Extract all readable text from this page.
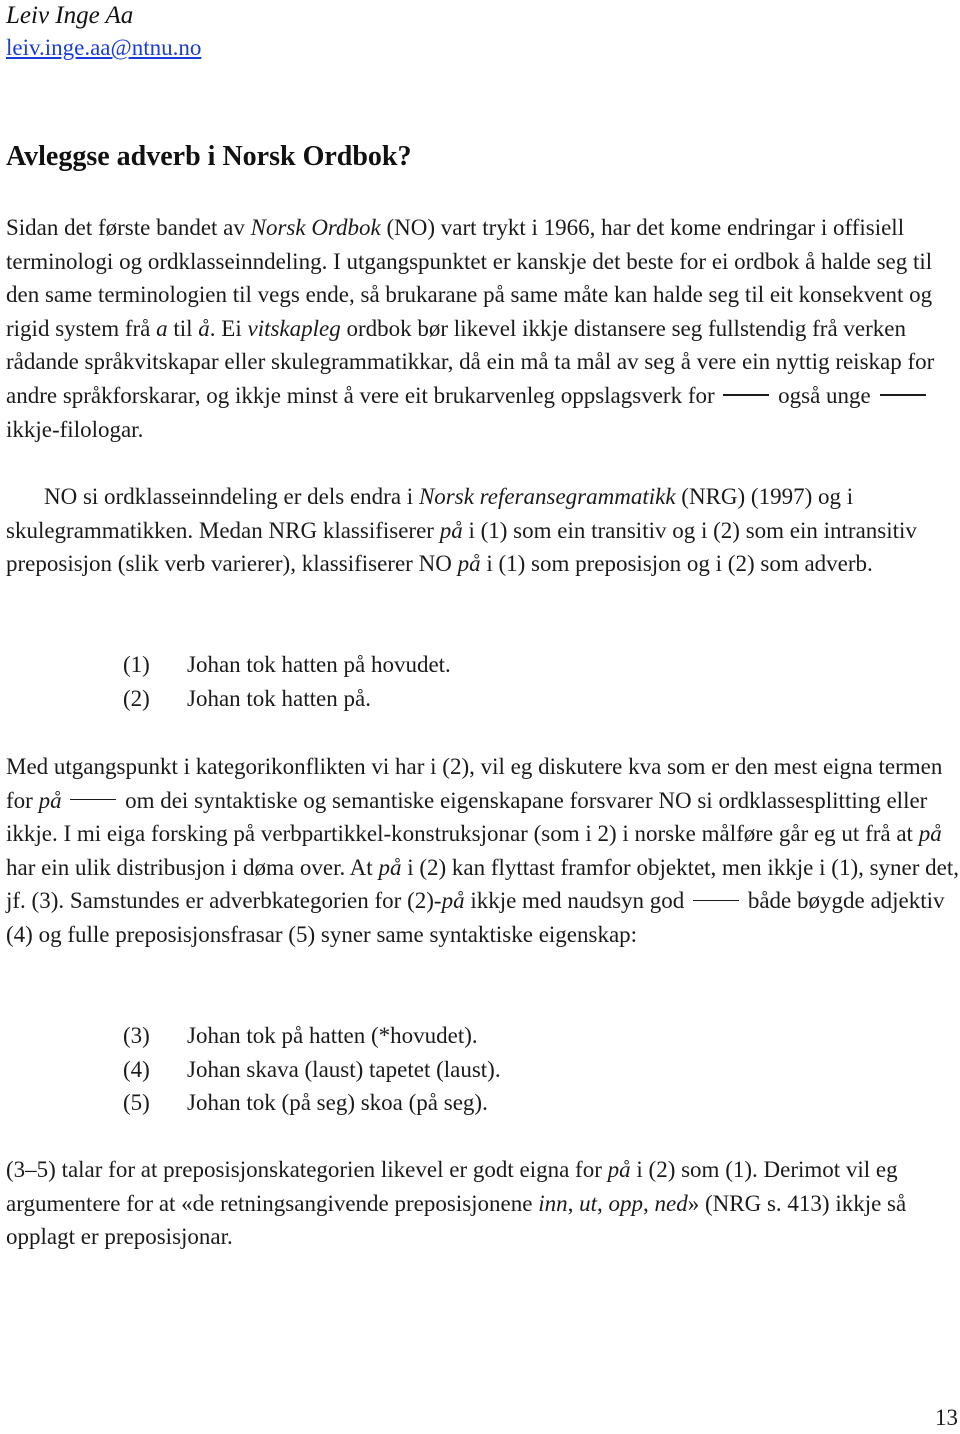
Leiv Inge Aa
leiv.inge.aa@ntnu.no
Avleggse adverb i Norsk Ordbok?

Sidan det første bandet av Norsk Ordbok (NO) vart trykt i 1966, har det kome endringar i offisiell terminologi og ordklasseinndeling. I utgangspunktet er kanskje det beste for ei ordbok å halde seg til den same terminologien til vegs ende, så brukarane på same måte kan halde seg til eit konsekvent og rigid system frå a til å. Ei vitskapleg ordbok bør likevel ikkje distansere seg fullstendig frå verken rådande språkvitskapar eller skulegrammatikkar, då ein må ta mål av seg å vere ein nyttig reiskap for andre språkforskarar, og ikkje minst å vere eit brukarvenleg oppslagsverk for  også unge  ikkje-filologar.

NO si ordklasseinndeling er dels endra i Norsk referansegrammatikk (NRG) (1997) og i skulegrammatikken. Medan NRG klassifiserer på i (1) som ein transitiv og i (2) som ein intransitiv preposisjon (slik verb varierer), klassifiserer NO på i (1) som preposisjon og i (2) som adverb.

(1)	Johan tok hatten på hovudet.
(2)	Johan tok hatten på.

Med utgangspunkt i kategorikonflikten vi har i (2), vil eg diskutere kva som er den mest eigna termen for på	om dei syntaktiske og semantiske eigenskapane forsvarer NO si ordklassesplitting eller ikkje. I mi eiga forsking på verbpartikkel-konstruksjonar (som i 2) i norske målføre går eg ut frå at på har ein ulik distribusjon i døma over. At på i (2) kan flyttast framfor objektet, men ikkje i (1), syner det, jf. (3). Samstundes er adverbkategorien for (2)-på ikkje med naudsyn god  både bøygde adjektiv (4) og fulle preposisjonsfrasar (5) syner same syntaktiske eigenskap:

(3)	Johan tok på hatten (*hovudet).
(4)	Johan skava (laust) tapetet (laust).
(5)	Johan tok (på seg) skoa (på seg).

(3–5) talar for at preposisjonskategorien likevel er godt eigna for på i (2) som (1). Derimot vil eg argumentere for at «de retningsangivende preposisjonene inn, ut, opp, ned» (NRG s. 413) ikkje så opplagt er preposisjonar.

13
